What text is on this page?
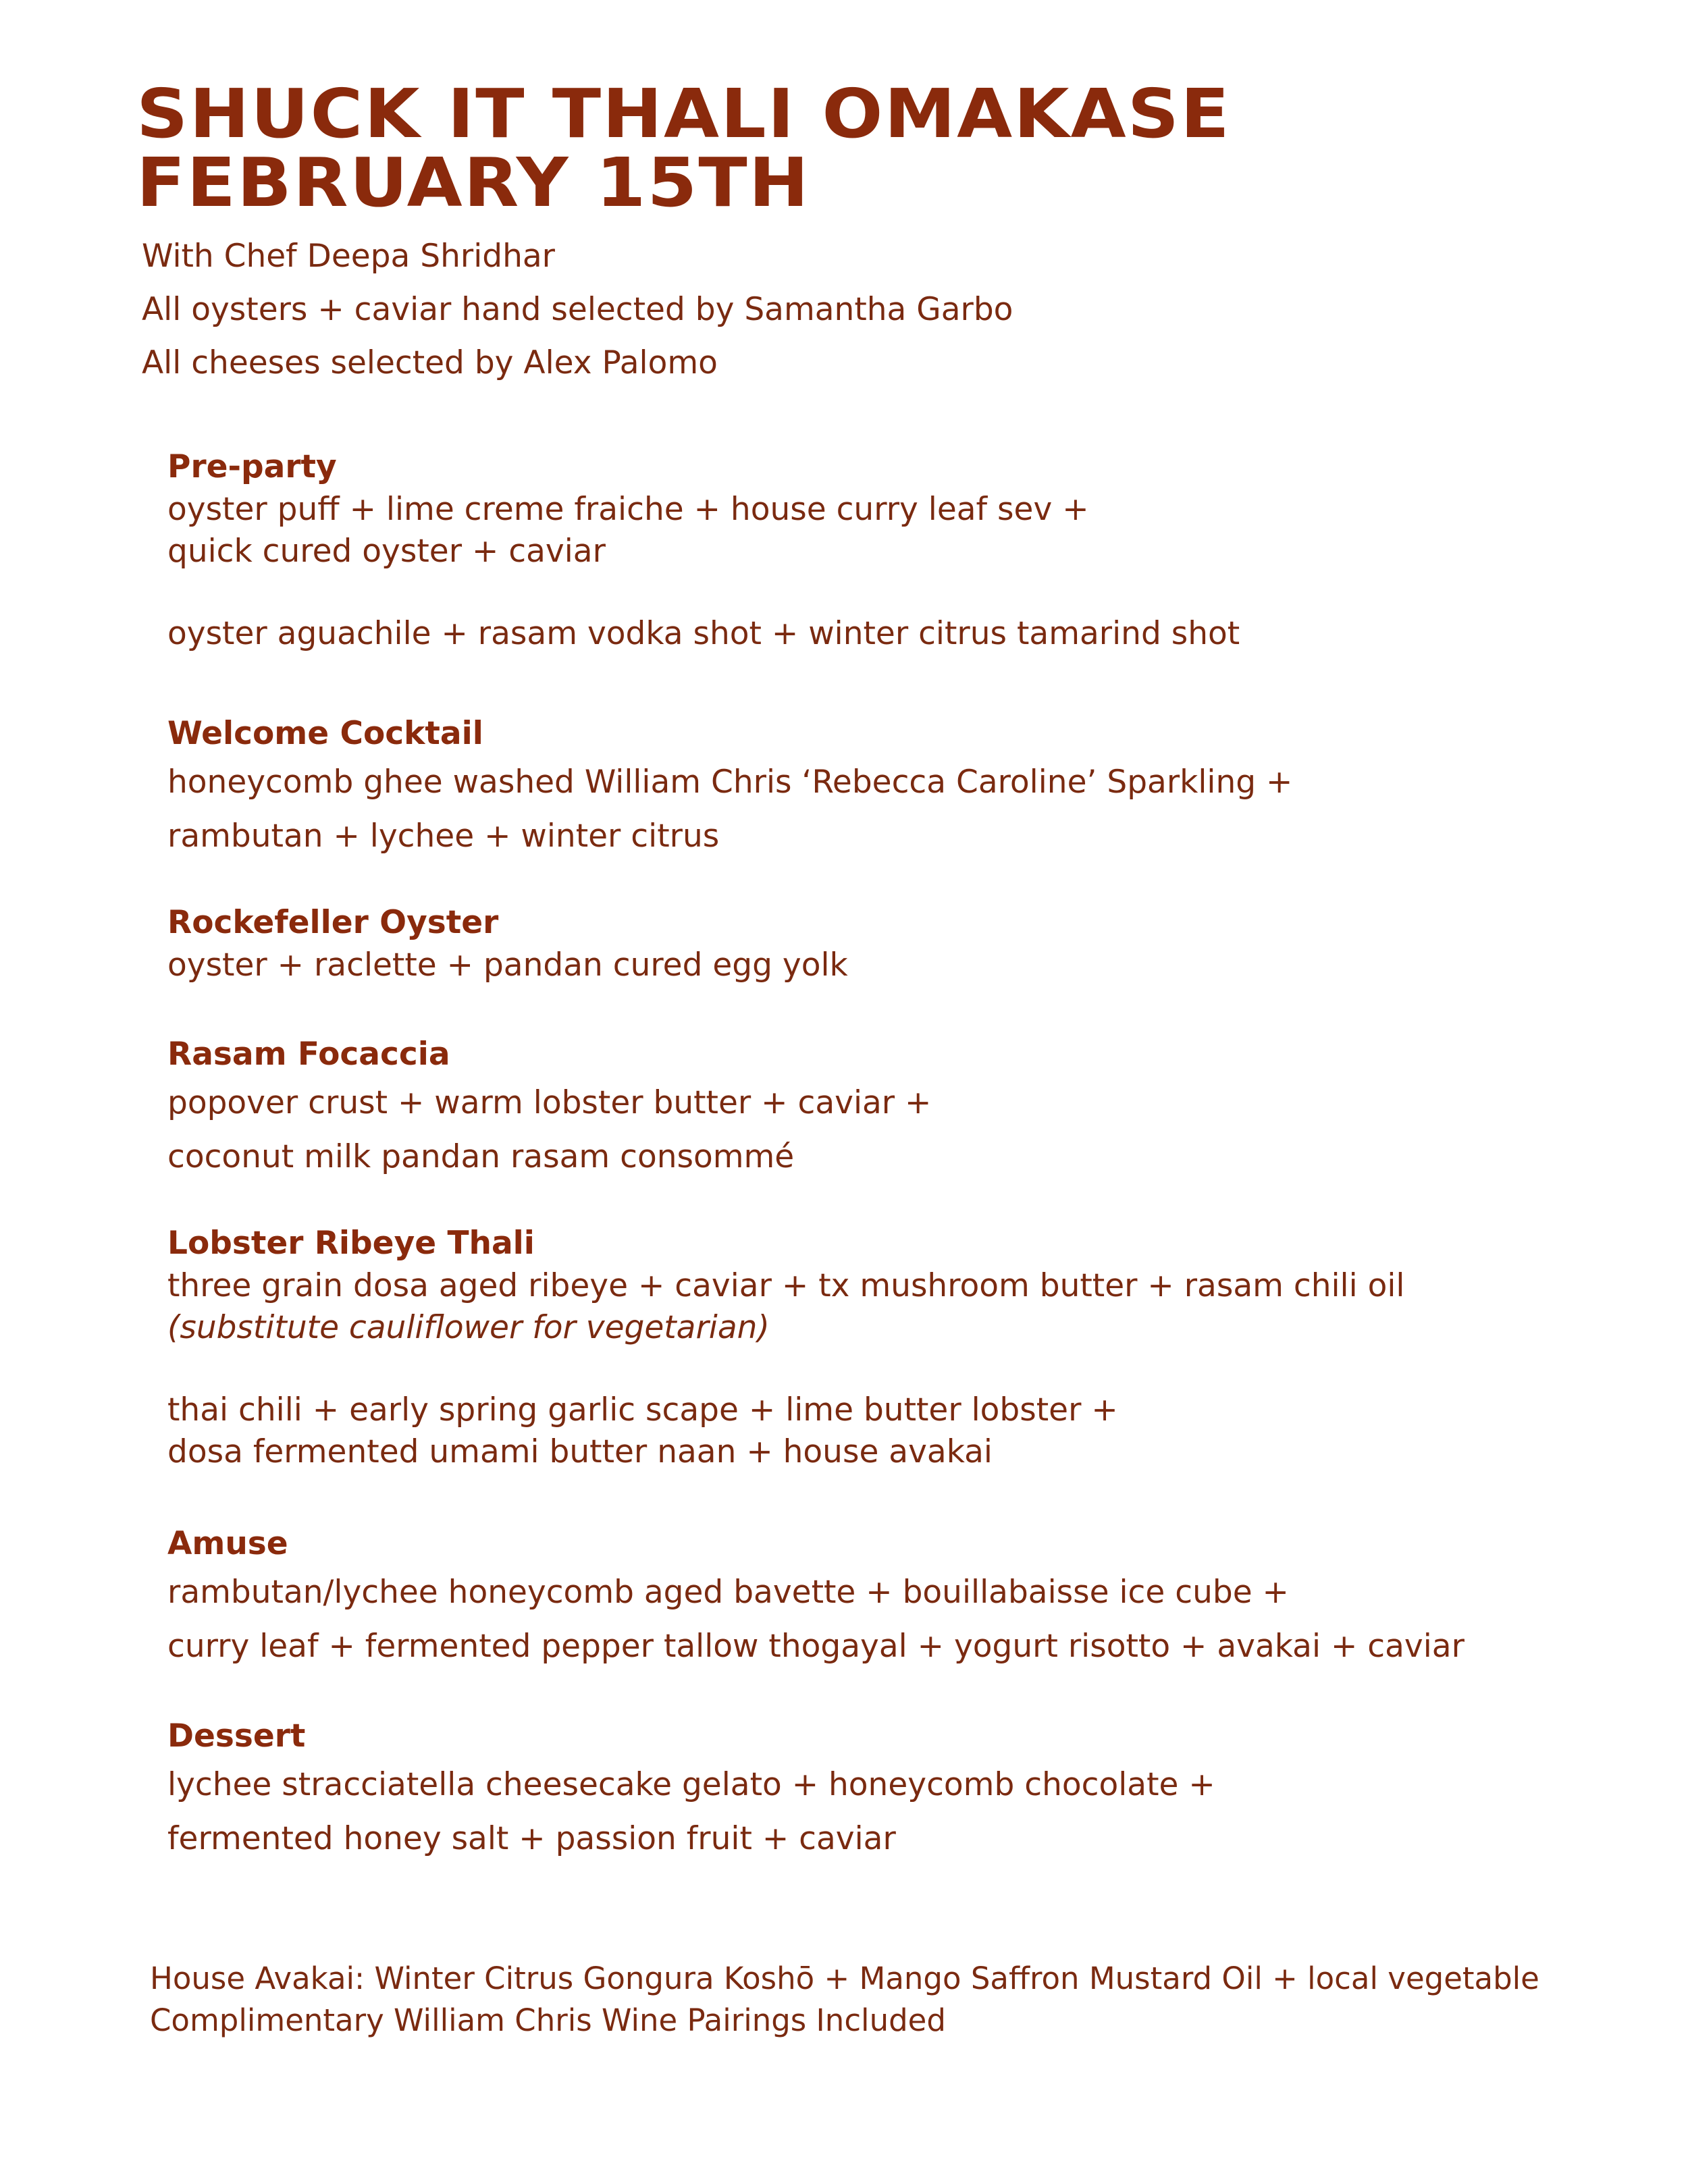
SHUCK IT THALI OMAKASE
FEBRUARY 15TH
With Chef Deepa Shridhar
All oysters + caviar hand selected by Samantha Garbo
All cheeses selected by Alex Palomo
Pre-party
oyster puff + lime creme fraiche + house curry leaf sev +
quick cured oyster + caviar
oyster aguachile + rasam vodka shot + winter citrus tamarind shot
Welcome Cocktail
honeycomb ghee washed William Chris ‘Rebecca Caroline’ Sparkling +
rambutan + lychee + winter citrus
Rockefeller Oyster
oyster + raclette + pandan cured egg yolk
Rasam Focaccia
popover crust + warm lobster butter + caviar +
coconut milk pandan rasam consommé
Lobster Ribeye Thali
three grain dosa aged ribeye + caviar + tx mushroom butter + rasam chili oil
(substitute cauliflower for vegetarian)
thai chili + early spring garlic scape + lime butter lobster +
dosa fermented umami butter naan + house avakai
Amuse
rambutan/lychee honeycomb aged bavette + bouillabaisse ice cube +
curry leaf + fermented pepper tallow thogayal + yogurt risotto + avakai + caviar
Dessert
lychee stracciatella cheesecake gelato + honeycomb chocolate +
fermented honey salt + passion fruit + caviar
House Avakai: Winter Citrus Gongura Koshō + Mango Saffron Mustard Oil + local vegetable
Complimentary William Chris Wine Pairings Included
